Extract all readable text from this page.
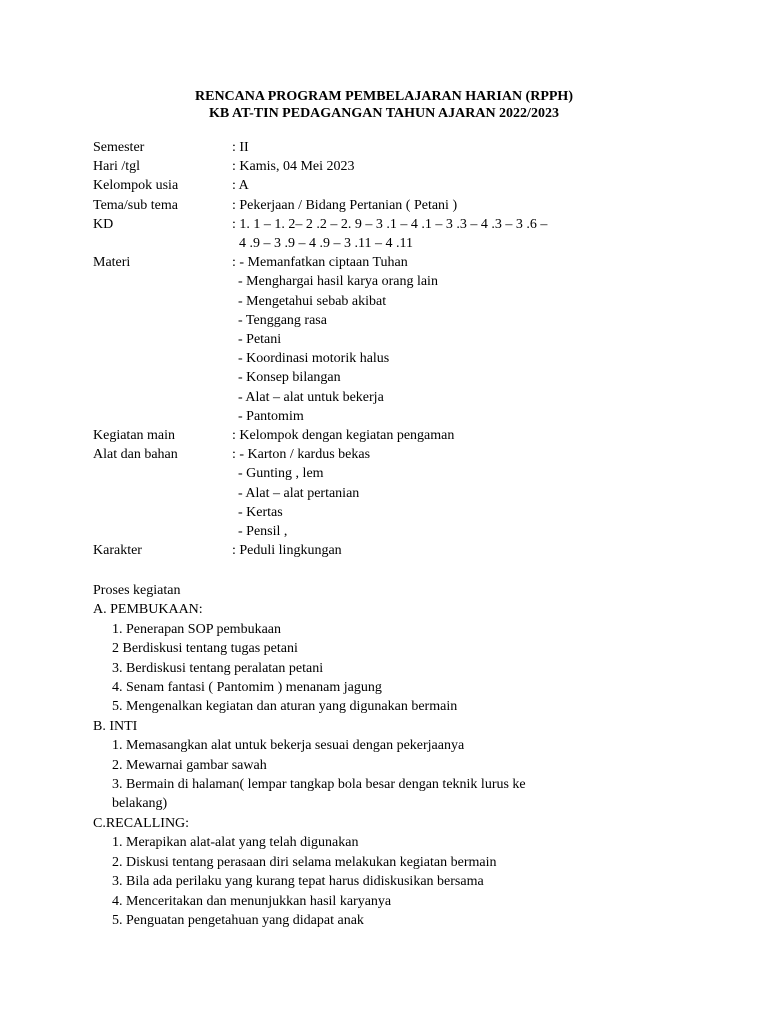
RENCANA PROGRAM PEMBELAJARAN HARIAN (RPPH)

KB AT-TIN PEDAGANGAN TAHUN AJARAN 2022/2023

Semester	: II
Hari /tgl	: Kamis, 04 Mei 2023
Kelompok usia	: A
Tema/sub tema	: Pekerjaan / Bidang Pertanian ( Petani )
KD	: 1. 1 – 1. 2– 2 .2 – 2. 9 – 3 .1 – 4 .1 – 3 .3 – 4 .3 – 3 .6 –
4 .9 – 3 .9 – 4 .9 – 3 .11 – 4 .11
Materi	: - Memanfatkan ciptaan Tuhan
- Menghargai hasil karya orang lain
- Mengetahui sebab akibat
- Tenggang rasa
- Petani
- Koordinasi motorik halus
- Konsep bilangan
- Alat – alat untuk bekerja
- Pantomim
Kegiatan main	: Kelompok dengan kegiatan pengaman
Alat dan bahan	: - Karton / kardus bekas
- Gunting , lem
- Alat – alat pertanian
- Kertas
- Pensil ,
Karakter	: Peduli lingkungan
Proses kegiatan
A. PEMBUKAAN:
1. Penerapan SOP pembukaan
2 Berdiskusi tentang tugas petani
3. Berdiskusi tentang peralatan petani
4. Senam fantasi ( Pantomim ) menanam jagung
5. Mengenalkan kegiatan dan aturan yang digunakan bermain
B. INTI
1. Memasangkan alat untuk bekerja sesuai dengan pekerjaanya
2. Mewarnai gambar sawah
3. Bermain di halaman( lempar tangkap bola besar dengan teknik lurus ke belakang)
C.RECALLING:
1. Merapikan alat-alat yang telah digunakan
2. Diskusi tentang perasaan diri selama melakukan kegiatan bermain
3. Bila ada perilaku yang kurang tepat harus didiskusikan bersama
4. Menceritakan dan menunjukkan hasil karyanya
5. Penguatan pengetahuan yang didapat anak
